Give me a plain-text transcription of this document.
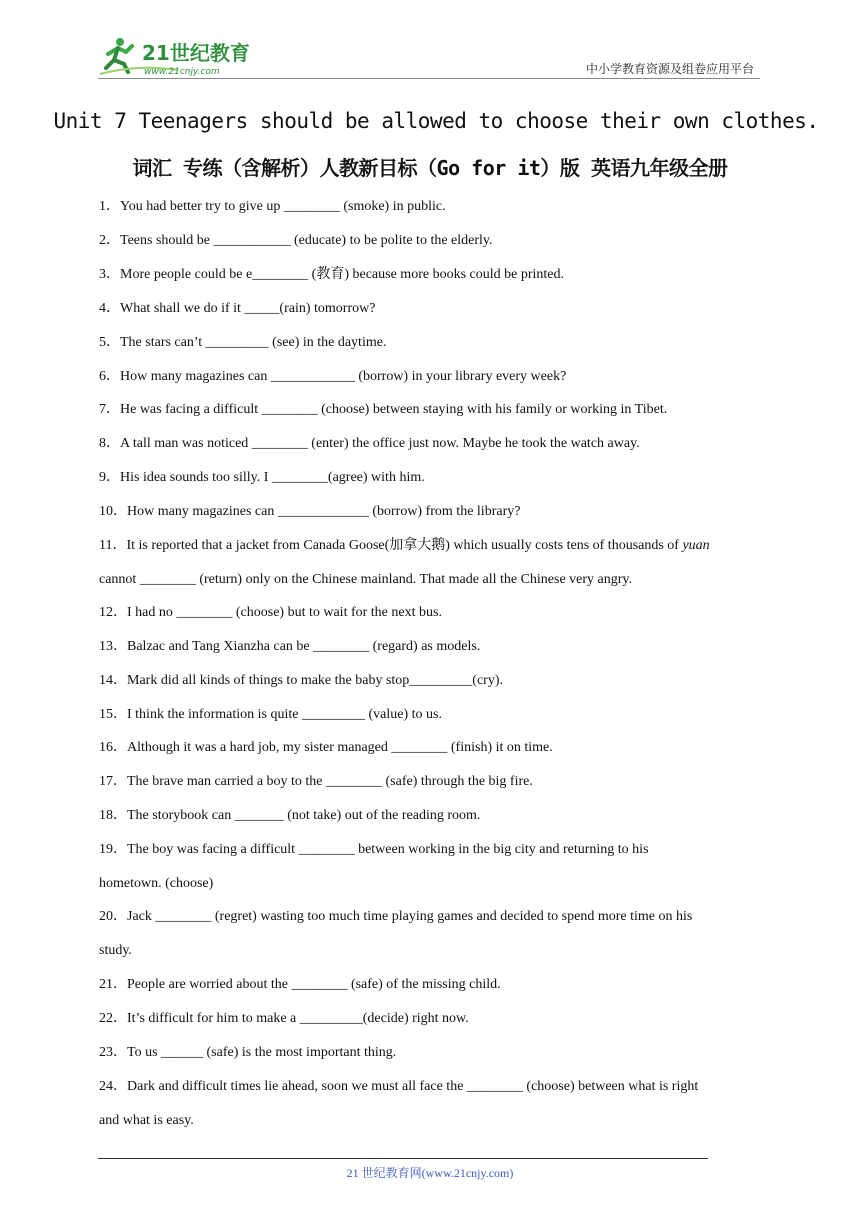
21世纪教育
www.21cnjy.com	中小学教育资源及组卷应用平台
Unit 7 Teenagers should be allowed to choose their own clothes.
词汇 专练（含解析）人教新目标（Go for it）版 英语九年级全册
1．You had better try to give up ________ (smoke) in public.
2．Teens should be ___________ (educate) to be polite to the elderly.
3．More people could be e________ (教育) because more books could be printed.
4．What shall we do if it _____(rain) tomorrow?
5．The stars can’t _________ (see) in the daytime.
6．How many magazines can ____________ (borrow) in your library every week?
7．He was facing a difficult ________ (choose) between staying with his family or working in Tibet.
8．A tall man was noticed ________ (enter) the office just now. Maybe he took the watch away.
9．His idea sounds too silly. I ________(agree) with him.
10．How many magazines can _____________ (borrow) from the library?
11．It is reported that a jacket from Canada Goose(加拿大鹅) which usually costs tens of thousands of yuan
cannot ________ (return) only on the Chinese mainland. That made all the Chinese very angry.
12．I had no ________ (choose) but to wait for the next bus.
13．Balzac and Tang Xianzha can be ________ (regard) as models.
14．Mark did all kinds of things to make the baby stop_________(cry).
15．I think the information is quite _________ (value) to us.
16．Although it was a hard job, my sister managed ________ (finish) it on time.
17．The brave man carried a boy to the ________ (safe) through the big fire.
18．The storybook can _______ (not take) out of the reading room.
19．The boy was facing a difficult ________ between working in the big city and returning to his
hometown. (choose)
20．Jack ________ (regret) wasting too much time playing games and decided to spend more time on his
study.
21．People are worried about the ________ (safe) of the missing child.
22．It’s difficult for him to make a _________(decide) right now.
23．To us ______ (safe) is the most important thing.
24．Dark and difficult times lie ahead, soon we must all face the ________ (choose) between what is right
and what is easy.
21 世纪教育网(www.21cnjy.com)
